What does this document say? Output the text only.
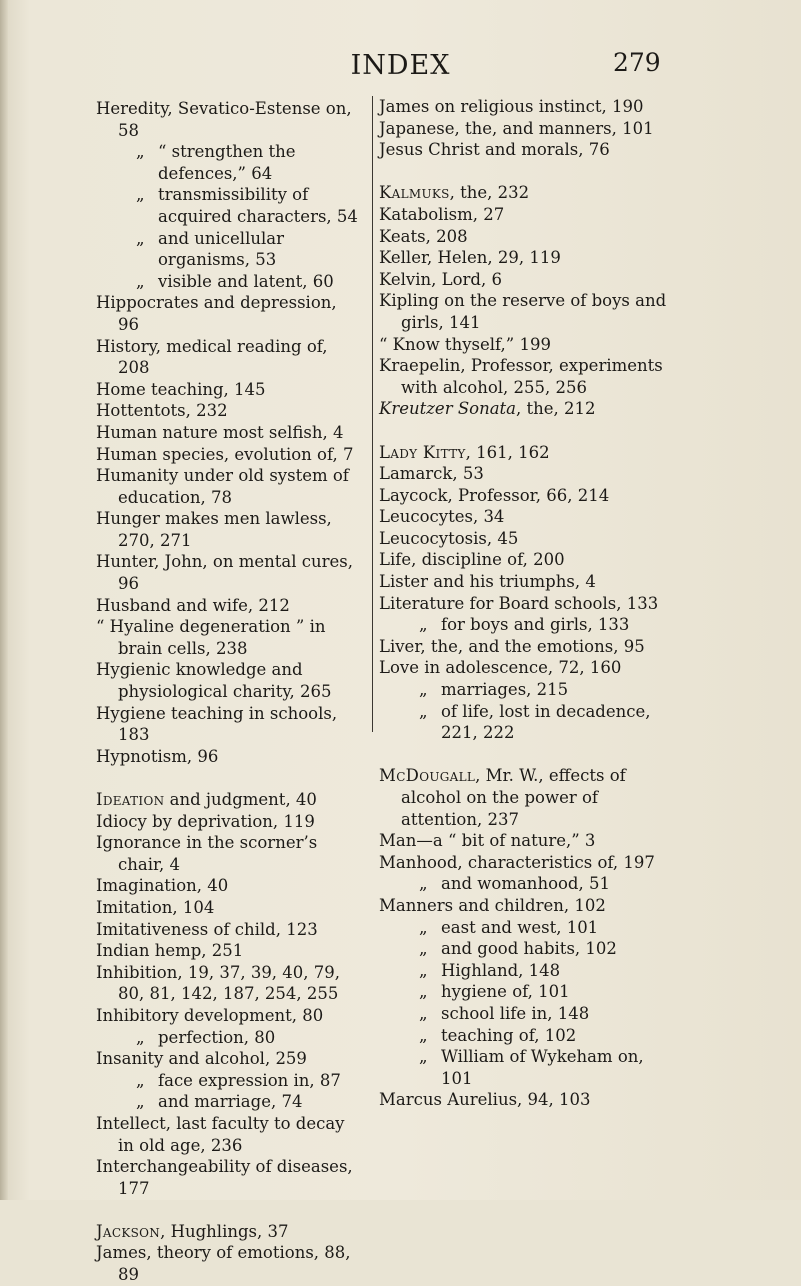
INDEX	279
Heredity, Sevatico-Estense on, 58
„ “ strengthen the defences,” 64
„ transmissibility of acquired characters, 54
„ and unicellular organisms, 53
„ visible and latent, 60
Hippocrates and depression, 96
History, medical reading of, 208
Home teaching, 145
Hottentots, 232
Human nature most selfish, 4
Human species, evolution of, 7
Humanity under old system of education, 78
Hunger makes men lawless, 270, 271
Hunter, John, on mental cures, 96
Husband and wife, 212
“ Hyaline degeneration ” in brain cells, 238
Hygienic knowledge and physiological charity, 265
Hygiene teaching in schools, 183
Hypnotism, 96
Ideation and judgment, 40
Idiocy by deprivation, 119
Ignorance in the scorner’s chair, 4
Imagination, 40
Imitation, 104
Imitativeness of child, 123
Indian hemp, 251
Inhibition, 19, 37, 39, 40, 79, 80, 81, 142, 187, 254, 255
Inhibitory development, 80
„ perfection, 80
Insanity and alcohol, 259
„ face expression in, 87
„ and marriage, 74
Intellect, last faculty to decay in old age, 236
Interchangeability of diseases, 177
Jackson, Hughlings, 37
James, theory of emotions, 88, 89
James on religious instinct, 190
Japanese, the, and manners, 101
Jesus Christ and morals, 76
Kalmuks, the, 232
Katabolism, 27
Keats, 208
Keller, Helen, 29, 119
Kelvin, Lord, 6
Kipling on the reserve of boys and girls, 141
“ Know thyself,” 199
Kraepelin, Professor, experiments with alcohol, 255, 256
Kreutzer Sonata, the, 212
Lady Kitty, 161, 162
Lamarck, 53
Laycock, Professor, 66, 214
Leucocytes, 34
Leucocytosis, 45
Life, discipline of, 200
Lister and his triumphs, 4
Literature for Board schools, 133
„ for boys and girls, 133
Liver, the, and the emotions, 95
Love in adolescence, 72, 160
„ marriages, 215
„ of life, lost in decadence, 221, 222
McDougall, Mr. W., effects of alcohol on the power of attention, 237
Man—a “ bit of nature,” 3
Manhood, characteristics of, 197
„ and womanhood, 51
Manners and children, 102
„ east and west, 101
„ and good habits, 102
„ Highland, 148
„ hygiene of, 101
„ school life in, 148
„ teaching of, 102
„ William of Wykeham on, 101
Marcus Aurelius, 94, 103
